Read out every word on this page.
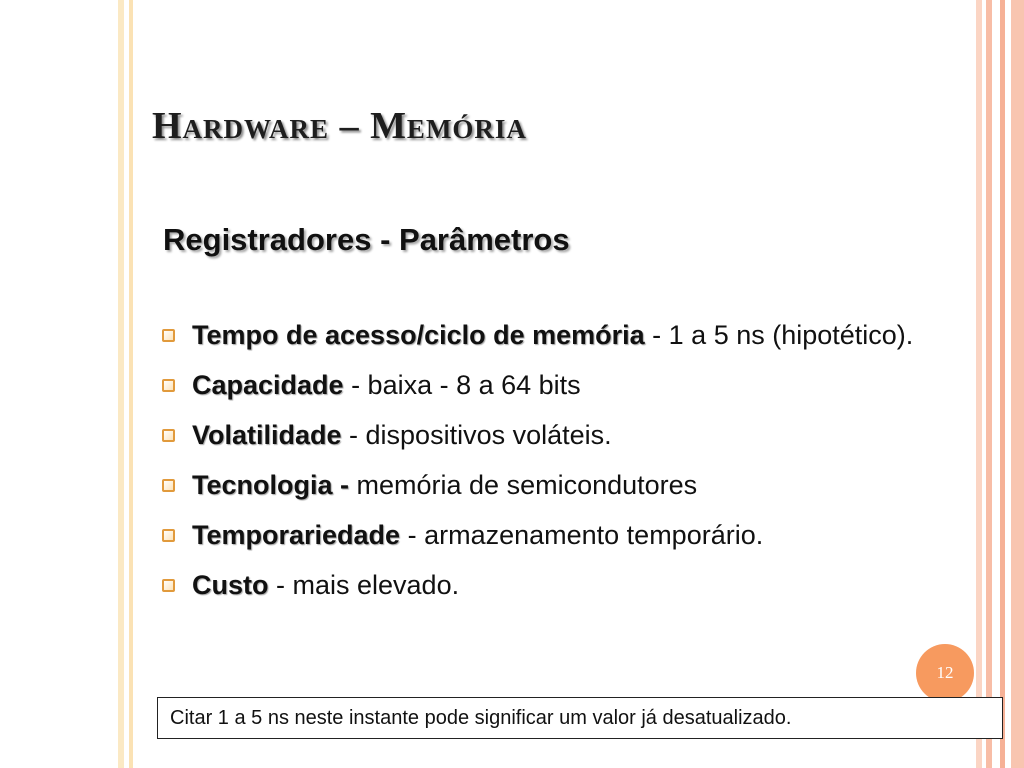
Hardware – Memória
Registradores - Parâmetros
Tempo de acesso/ciclo de memória - 1 a 5 ns (hipotético).
Capacidade - baixa - 8 a 64 bits
Volatilidade - dispositivos voláteis.
Tecnologia - memória de semicondutores
Temporariedade - armazenamento temporário.
Custo - mais elevado.
12
Citar 1 a 5 ns neste instante pode significar um valor já desatualizado.
